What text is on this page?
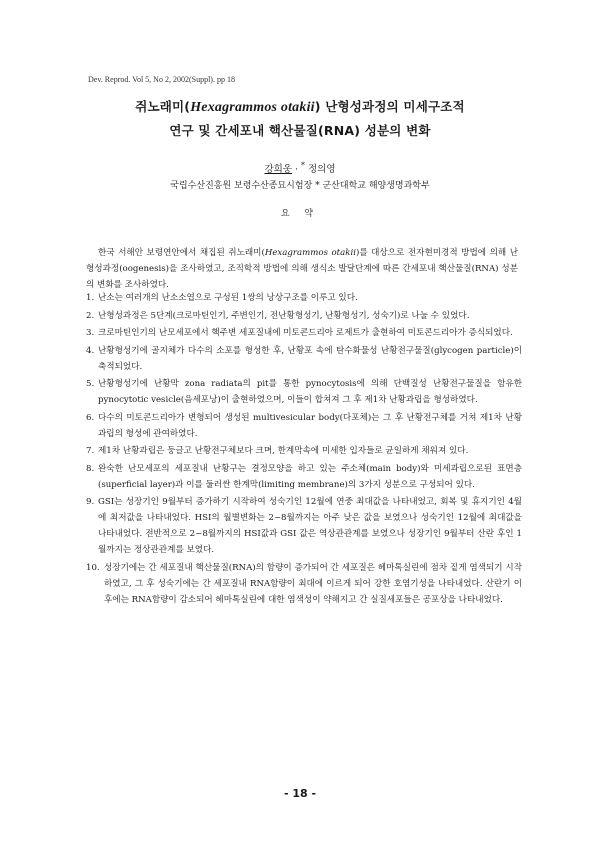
Dev. Reprod. Vol 5, No 2, 2002(Suppl). pp 18
쥐노래미(Hexagrammos otakii) 난형성과정의 미세구조적
연구 및 간세포내 핵산물질(RNA) 성분의 변화
강희웅 · * 정의영
국립수산진흥원 보령수산종묘시험장 * 군산대학교 해양생명과학부
요 약

한국 서해안 보령연안에서 채집된 쥐노래미(Hexagrammos otakii)를 대상으로 전자현미경적 방법에 의해 난형성과정(oogenesis)을 조사하였고, 조직학적 방법에 의해 생식소 발달단계에 따른 간세포내 핵산물질(RNA) 성분의 변화를 조사하였다.

1. 난소는 여러개의 난소소엽으로 구성된 1쌍의 낭상구조를 이루고 있다.
2. 난형성과정은 5단계(크로마틴인기, 주변인기, 전난황형성기, 난황형성기, 성숙기)로 나눌 수 있었다.
3. 크로마틴인기의 난모세포에서 핵주변 세포질내에 미토콘드리아 로제트가 출현하여 미토콘드리아가 증식되었다.
4. 난황형성기에 골지체가 다수의 소포를 형성한 후, 난황포 속에 탄수화물성 난황전구물질(glycogen particle)이 축적되었다.
5. 난황형성기에 난황막 zona radiata의 pit를 통한 pynocytosis에 의해 단백질성 난황전구물질을 함유한 pynocytotic vesicle(음세포낭)이 출현하였으며, 이들이 합쳐져 그 후 제1차 난황과립을 형성하였다.
6. 다수의 미토콘드리아가 변형되어 생성된 multivesicular body(다포체)는 그 후 난황전구체를 거쳐 제1차 난황과립의 형성에 관여하였다.
7. 제1차 난황과립은 둥글고 난황전구체보다 크며, 한계막속에 미세한 입자들로 균일하게 채워져 있다.
8. 완숙한 난모세포의 세포질내 난황구는 결정모양을 하고 있는 주소체(main body)와 미세과립으로된 표면층(superficial layer)과 이를 둘러싼 한계막(limiting membrane)의 3가지 성분으로 구성되어 있다.
9. GSI는 성장기인 9월부터 증가하기 시작하여 성숙기인 12월에 연중 최대값을 나타내었고, 회복 및 휴지기인 4월에 최저값을 나타내었다. HSI의 월별변화는 2~8월까지는 아주 낮은 값을 보였으나 성숙기인 12월에 최대값을 나타내었다. 전반적으로 2~8월까지의 HSI값과 GSI 값은 역상관관계를 보였으나 성장기인 9월부터 산란 후인 1월까지는 정상관관계를 보였다.
10. 성장기에는 간 세포질내 핵산물질(RNA)의 함량이 증가되어 간 세포질은 헤마톡실린에 점차 짙게 염색되기 시작하였고, 그 후 성숙기에는 간 세포질내 RNA함량이 최대에 이르게 되어 강한 호염기성을 나타내었다. 산란기 이후에는 RNA함량이 감소되어 헤마톡실린에 대한 염색성이 약해지고 간 실질세포들은 공포상을 나타내었다.
- 18 -
